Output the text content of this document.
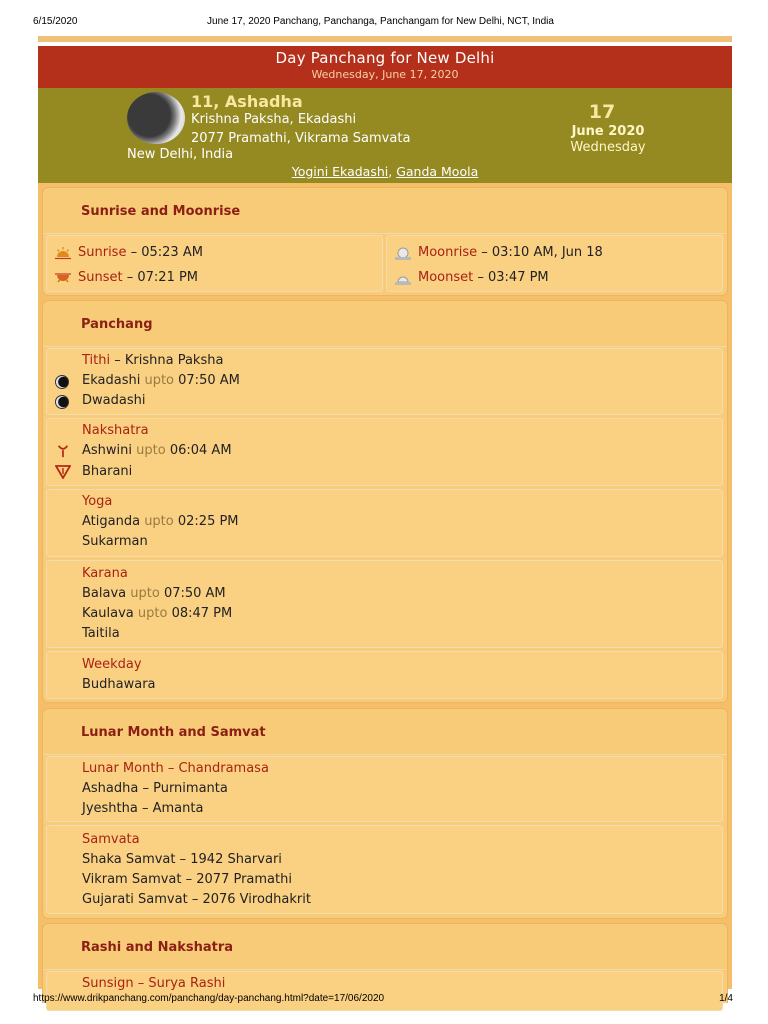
6/15/2020	June 17, 2020 Panchang, Panchanga, Panchangam for New Delhi, NCT, India
Day Panchang for New Delhi
Wednesday, June 17, 2020
11, Ashadha
Krishna Paksha, Ekadashi
2077 Pramathi, Vikrama Samvata
New Delhi, India
17
June 2020
Wednesday
Yogini Ekadashi, Ganda Moola
Sunrise and Moonrise
Sunrise – 05:23 AM
Sunset – 07:21 PM
Moonrise – 03:10 AM, Jun 18
Moonset – 03:47 PM
Panchang
Tithi – Krishna Paksha
Ekadashi upto 07:50 AM
Dwadashi
Nakshatra
Ashwini upto 06:04 AM
Bharani
Yoga
Atiganda upto 02:25 PM
Sukarman
Karana
Balava upto 07:50 AM
Kaulava upto 08:47 PM
Taitila
Weekday
Budhawara
Lunar Month and Samvat
Lunar Month – Chandramasa
Ashadha – Purnimanta
Jyeshtha – Amanta
Samvata
Shaka Samvat – 1942 Sharvari
Vikram Samvat – 2077 Pramathi
Gujarati Samvat – 2076 Virodhakrit
Rashi and Nakshatra
Sunsign – Surya Rashi
https://www.drikpanchang.com/panchang/day-panchang.html?date=17/06/2020	1/4
